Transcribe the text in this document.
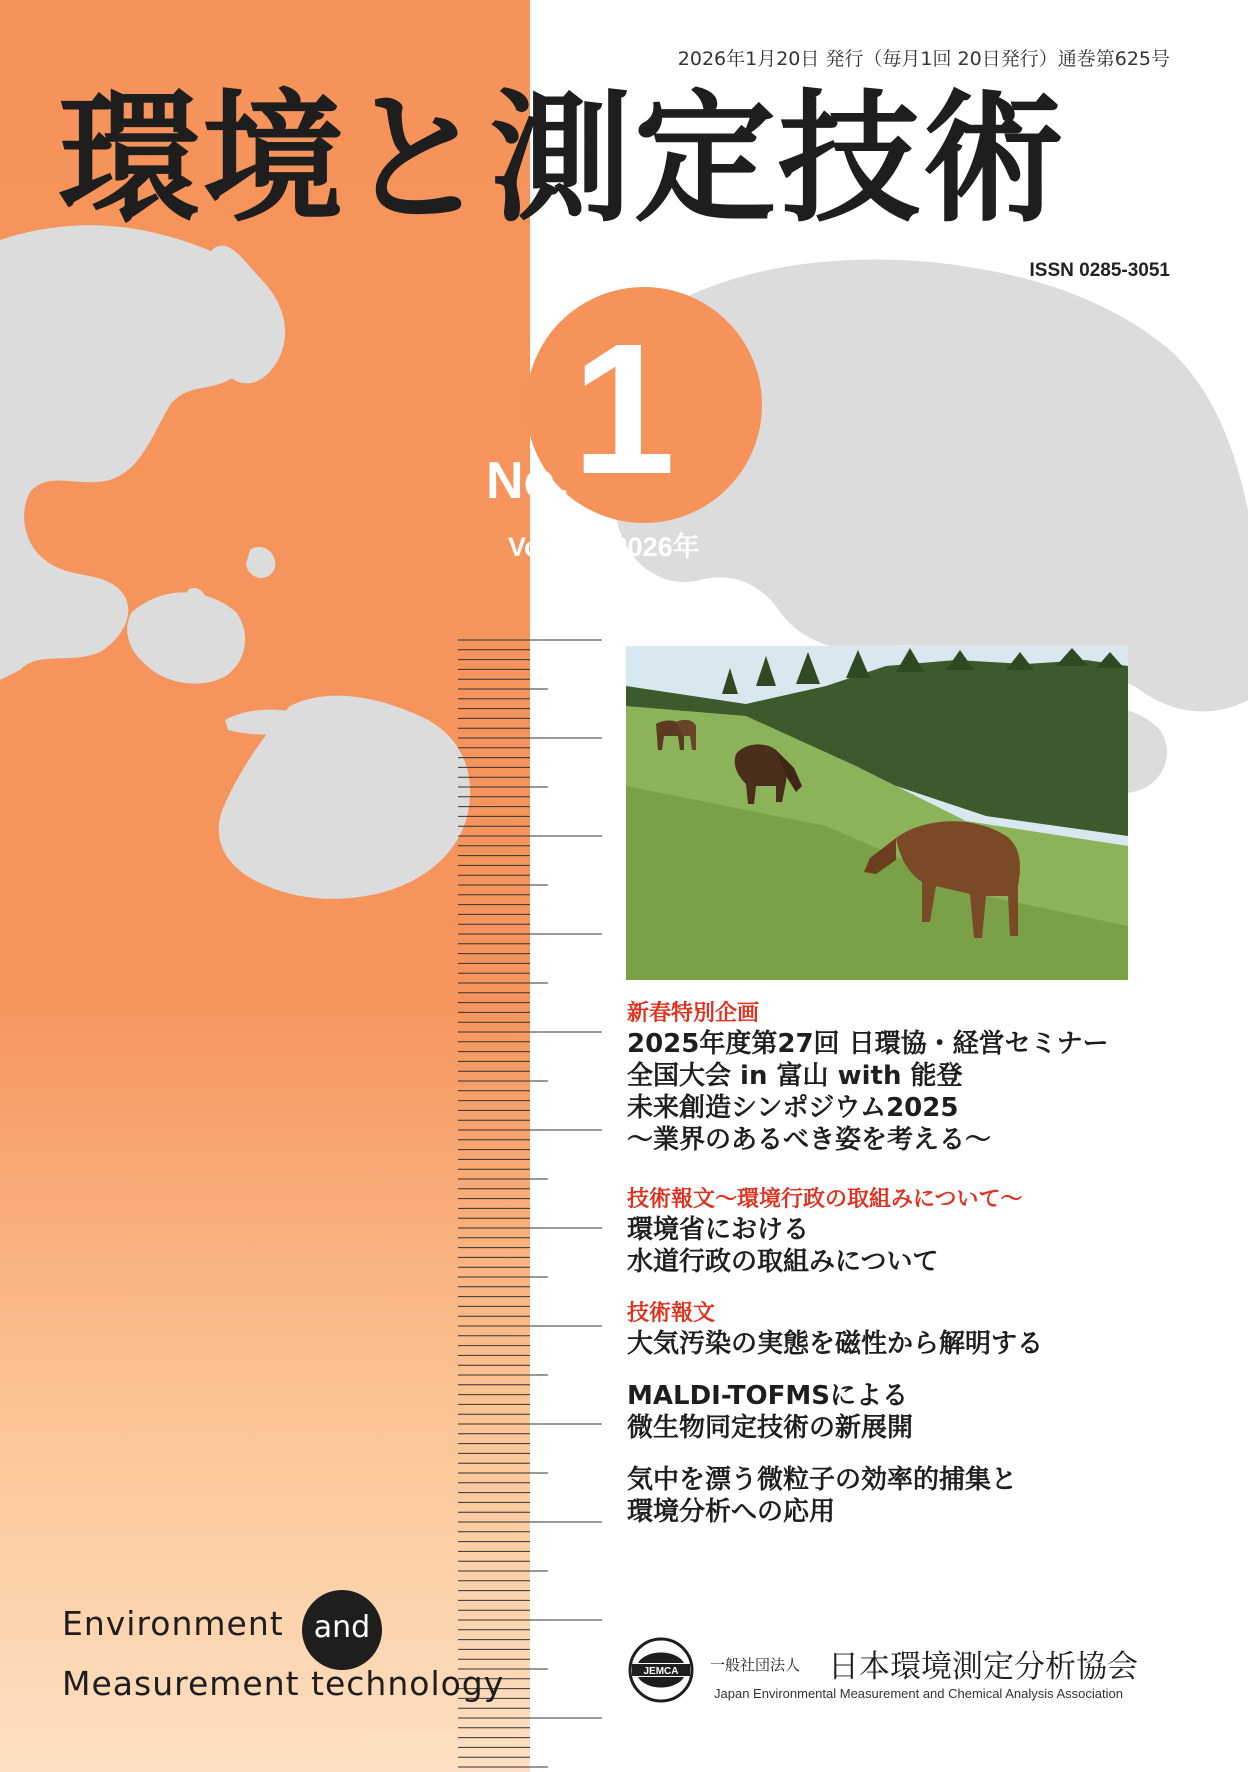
2026年1月20日 発行（毎月1回 20日発行）通巻第625号
環境と測定技術
ISSN 0285-3051
No. 1
Vol.53、2026年
新春特別企画
2025年度第27回 日環協・経営セミナー
全国大会 in 富山 with 能登
未来創造シンポジウム2025
〜業界のあるべき姿を考える〜
技術報文〜環境行政の取組みについて〜
環境省における
水道行政の取組みについて
技術報文
大気汚染の実態を磁性から解明する
MALDI-TOFMSによる
微生物同定技術の新展開
気中を漂う微粒子の効率的捕集と
環境分析への応用
Environment	and
Measurement technology	JEMCA 一般社団法人 日本環境測定分析協会
Japan Environmental Measurement and Chemical Analysis Association
